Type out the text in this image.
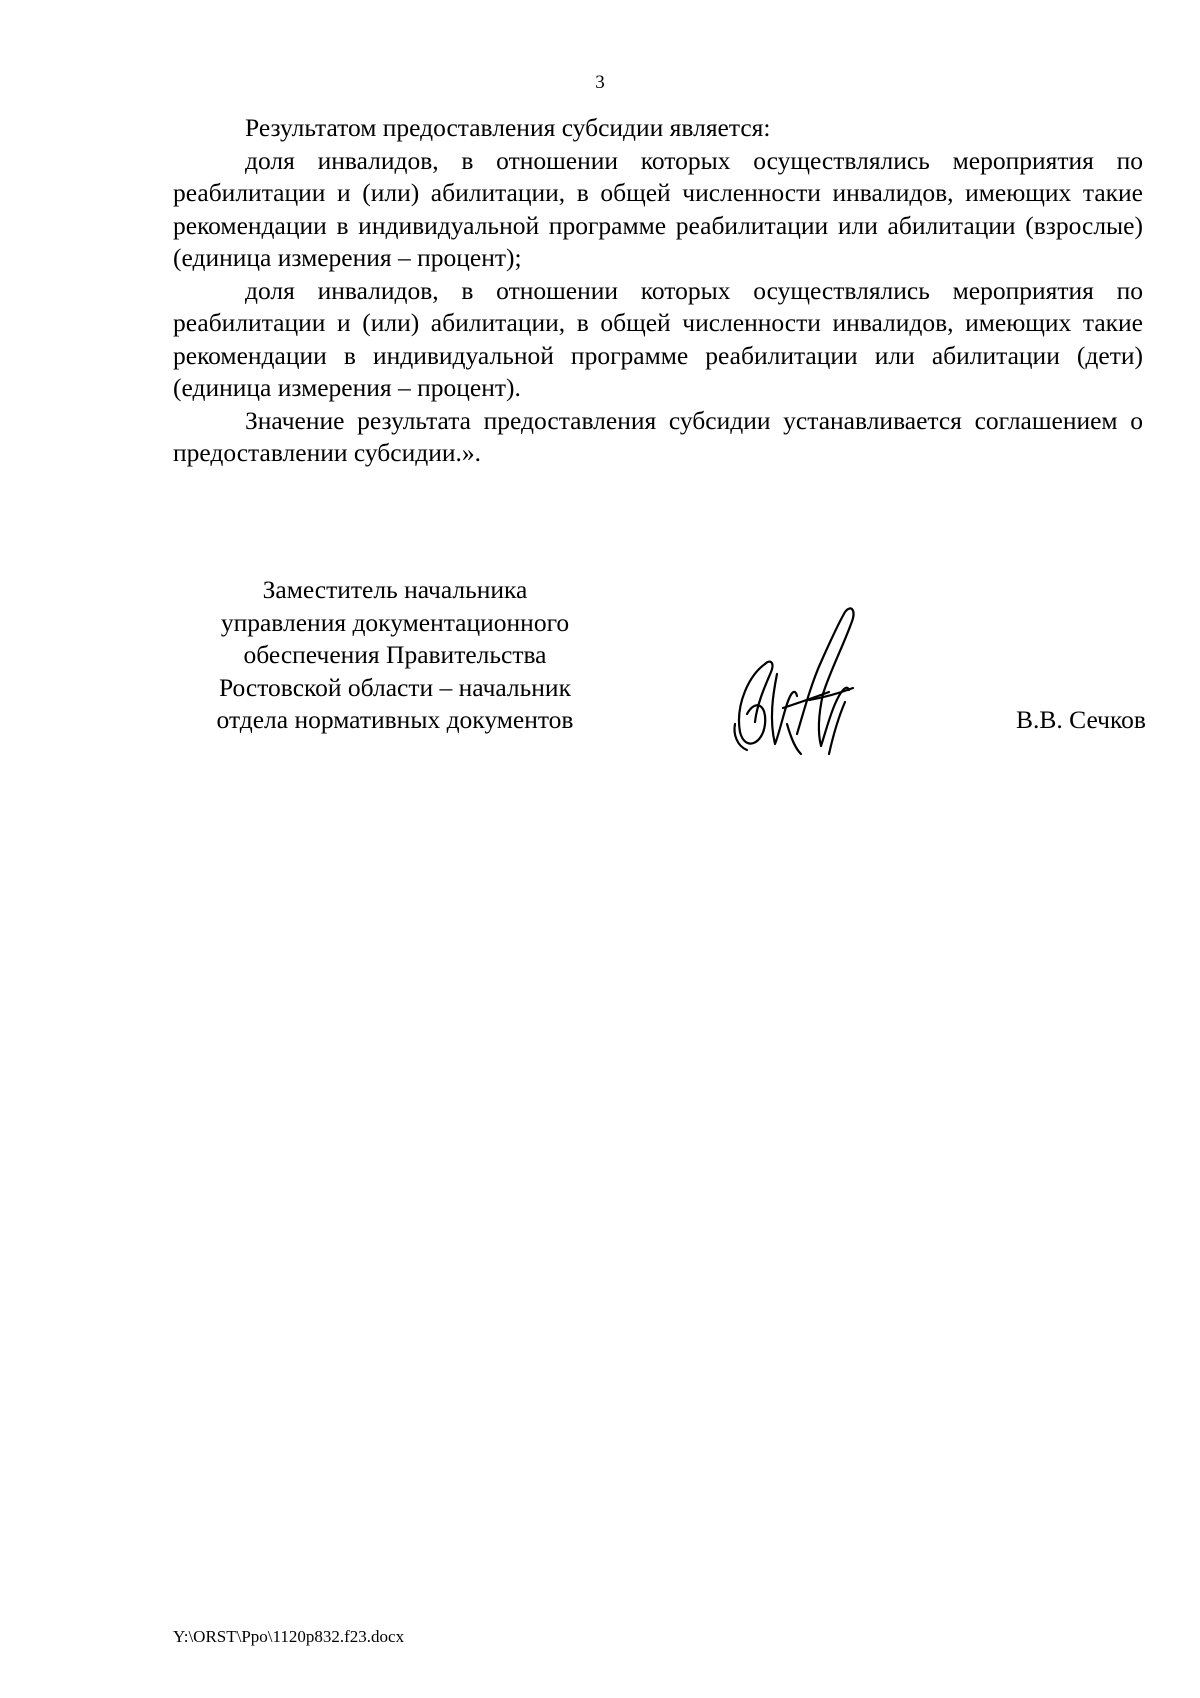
3

Результатом предоставления субсидии является:

доля инвалидов, в отношении которых осуществлялись мероприятия по реабилитации и (или) абилитации, в общей численности инвалидов, имеющих такие рекомендации в индивидуальной программе реабилитации или абилитации (взрослые) (единица измерения – процент);

доля инвалидов, в отношении которых осуществлялись мероприятия по реабилитации и (или) абилитации, в общей численности инвалидов, имеющих такие рекомендации в индивидуальной программе реабилитации или абилитации (дети) (единица измерения – процент).

Значение результата предоставления субсидии устанавливается соглашением о предоставлении субсидии.».

Заместитель начальника
управления документационного
обеспечения Правительства
Ростовской области – начальник
отдела нормативных документов	В.В. Сечков
Y:\ORST\Ppo\1120p832.f23.docx
